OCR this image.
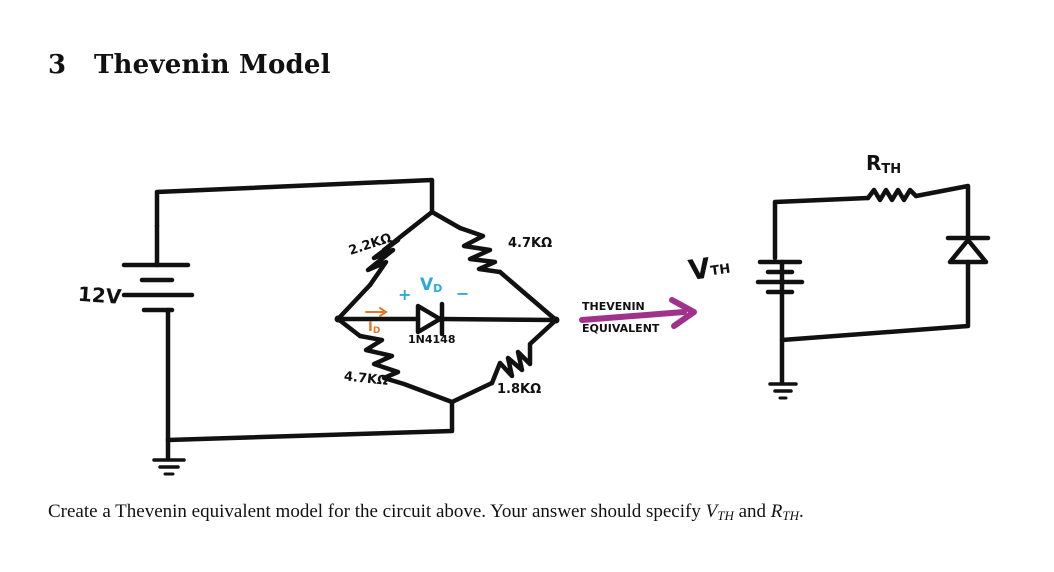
3 Thevenin Model
12V
2.2KΩ	4.7KΩ
4.7KΩ
1.8KΩ
+ VD −
ID
1N4148
THEVENIN
EQUIVALENT
VTH
RTH
Create a Thevenin equivalent model for the circuit above. Your answer should specify $V_{TH}$ and $R_{TH}$.
